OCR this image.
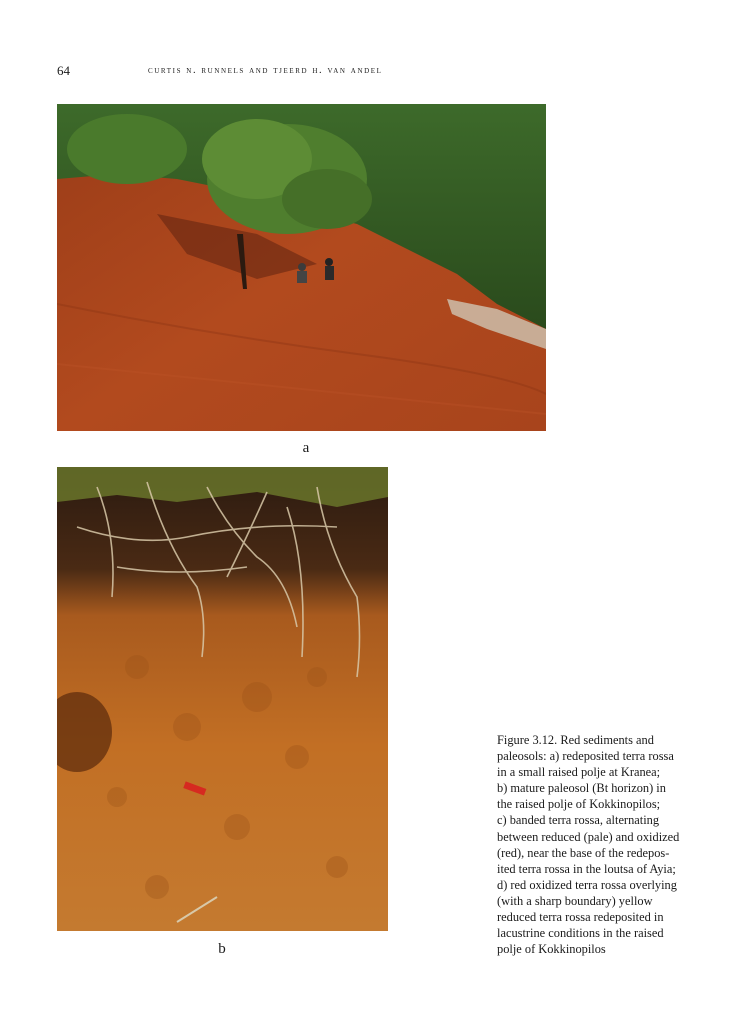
64	curtis n. runnels and tjeerd h. van andel
a
b
Figure 3.12. Red sediments and
paleosols: a) redeposited terra rossa
in a small raised polje at Kranea;
b) mature paleosol (Bt horizon) in
the raised polje of Kokkinopilos;
c) banded terra rossa, alternating
between reduced (pale) and oxidized
(red), near the base of the redepos-
ited terra rossa in the loutsa of Ayia;
d) red oxidized terra rossa overlying
(with a sharp boundary) yellow
reduced terra rossa redeposited in
lacustrine conditions in the raised
polje of Kokkinopilos
